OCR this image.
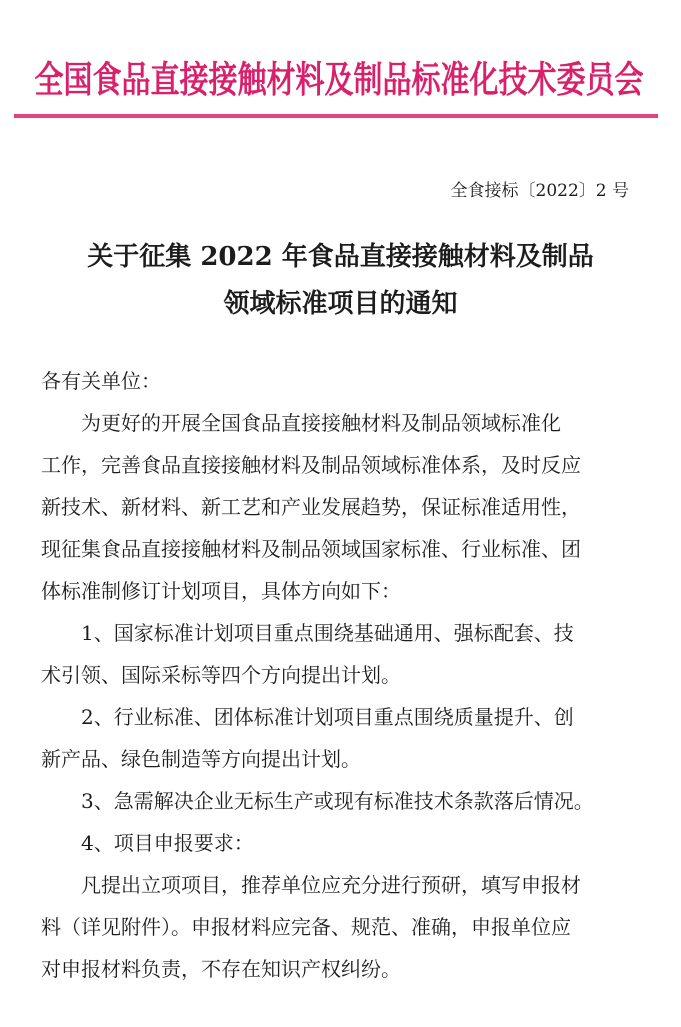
全国食品直接接触材料及制品标准化技术委员会
全食接标〔2022〕2 号
关于征集 2022 年食品直接接触材料及制品
领域标准项目的通知
各有关单位：
　　为更好的开展全国食品直接接触材料及制品领域标准化
工作，完善食品直接接触材料及制品领域标准体系，及时反应
新技术、新材料、新工艺和产业发展趋势，保证标准适用性，
现征集食品直接接触材料及制品领域国家标准、行业标准、团
体标准制修订计划项目，具体方向如下：
　　1、国家标准计划项目重点围绕基础通用、强标配套、技
术引领、国际采标等四个方向提出计划。
　　2、行业标准、团体标准计划项目重点围绕质量提升、创
新产品、绿色制造等方向提出计划。
　　3、急需解决企业无标生产或现有标准技术条款落后情况。
　　4、项目申报要求：
　　凡提出立项项目，推荐单位应充分进行预研，填写申报材
料（详见附件）。申报材料应完备、规范、准确，申报单位应
对申报材料负责，不存在知识产权纠纷。
